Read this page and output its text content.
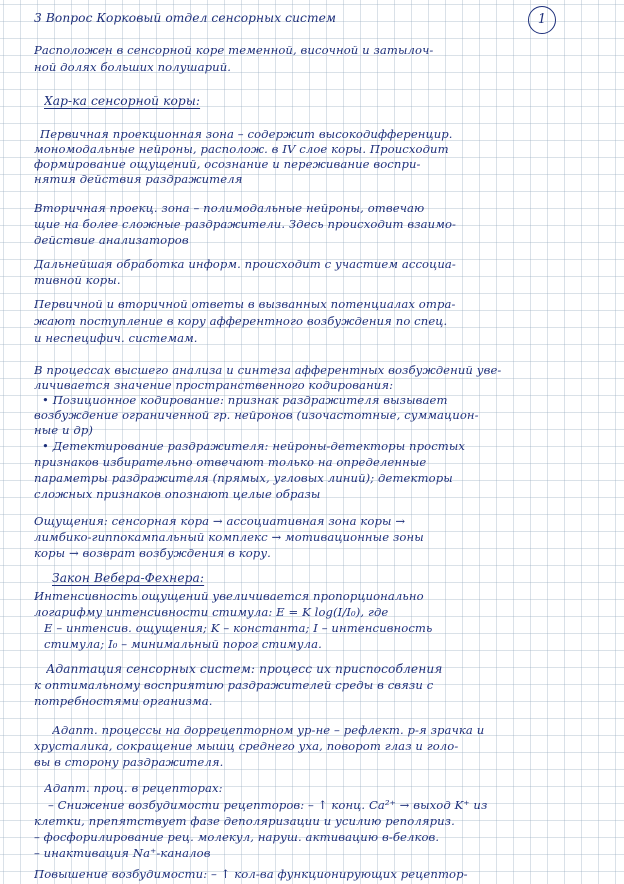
1
3 Вопрос Корковый отдел сенсорных систем
Расположен в сенсорной коре теменной, височной и затылоч-
ной долях больших полушарий.
Хар-ка сенсорной коры:
Первичная проекционная зона – содержит высокодифференцир.
мономодальные нейроны, располож. в IV слое коры. Происходит
формирование ощущений, осознание и переживание воспри-
нятия действия раздражителя
Вторичная проекц. зона – полимодальные нейроны, отвечаю
щие на более сложные раздражители. Здесь происходит взаимо-
действие анализаторов
Дальнейшая обработка информ. происходит с участием ассоциа-
тивной коры.
Первичной и вторичной ответы в вызванных потенциалах отра-
жают поступление в кору афферентного возбуждения по спец.
и неспецифич. системам.
В процессах высшего анализа и синтеза афферентных возбуждений уве-
личивается значение пространственного кодирования:
• Позиционное кодирование: признак раздражителя вызывает
возбуждение ограниченной гр. нейронов (изочастотные, суммацион-
ные и др)
• Детектирование раздражителя: нейроны-детекторы простых
признаков избирательно отвечают только на определенные
параметры раздражителя (прямых, угловых линий); детекторы
сложных признаков опознают целые образы
Ощущения: сенсорная кора → ассоциативная зона коры →
лимбико-гиппокампальный комплекс → мотивационные зоны
коры → возврат возбуждения в кору.
Закон Вебера-Фехнера:
Интенсивность ощущений увеличивается пропорционально
логарифму интенсивности стимула: E = K log(I/I₀), где
E – интенсив. ощущения; K – константа; I – интенсивность
стимула; I₀ – минимальный порог стимула.
Адаптация сенсорных систем: процесс их приспособления
к оптимальному восприятию раздражителей среды в связи с
потребностями организма.
Адапт. процессы на доррецепторном ур-не – рефлект. р-я зрачка и
хрусталика, сокращение мышц среднего уха, поворот глаз и голо-
вы в сторону раздражителя.
Адапт. проц. в рецепторах:
– Снижение возбудимости рецепторов: – ↑ конц. Ca²⁺ → выход K⁺ из
клетки, препятствует фазе деполяризации и усилию реполяриз.
– фосфорилирование рец. молекул, наруш. активацию в-белков.
– инактивация Na⁺-каналов
Повышение возбудимости: – ↑ кол-ва функционирующих рецептор-
